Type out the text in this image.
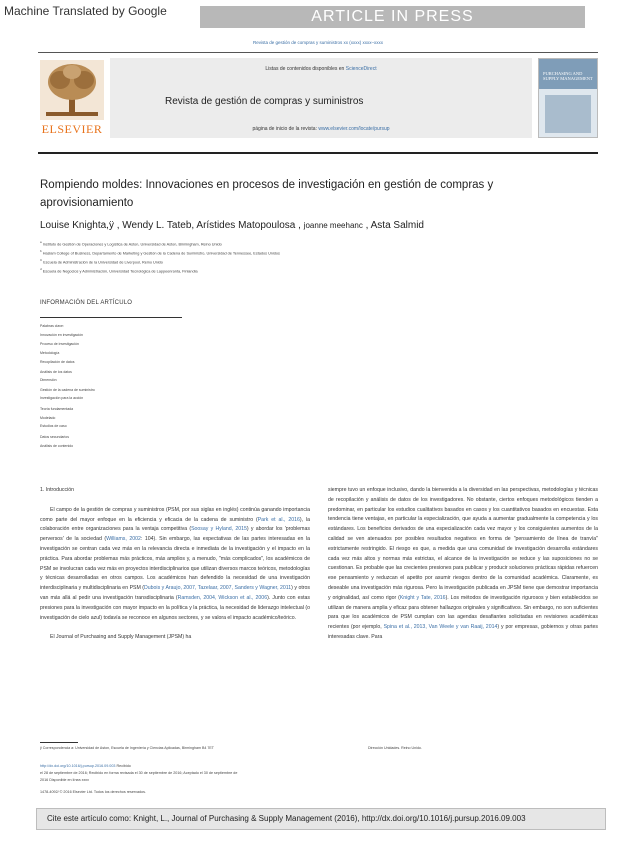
Machine Translated by Google	ARTICLE IN PRESS
Revista de gestión de compras y suministros xx (xxxx) xxxx–xxxx
ELSEVIER
Listas de contenidos disponibles en ScienceDirect
Revista de gestión de compras y suministros
página de inicio de la revista: www.elsevier.com/locate/pursup
PURCHASING AND SUPPLY MANAGEMENT
Rompiendo moldes: Innovaciones en procesos de investigación en gestión de compras y aprovisionamiento
Louise Knighta,ÿ , Wendy L. Tateb, Arístides Matopoulosa , joanne meehanc , Asta Salmid
$^a$ Instituto de Gestión de Operaciones y Logística de Aston, Universidad de Aston, Birmingham, Reino Unido
$^b$ Haslam College of Business, Departamento de Marketing y Gestión de la Cadena de Suministro, Universidad de Tennessee, Estados Unidos
$^C$ Escuela de Administración de la Universidad de Liverpool, Reino Unido
$^d$ Escuela de Negocios y Administración, Universidad Tecnológica de Lappeenranta, Finlandia
INFORMACIÓN DEL ARTÍCULO
Palabras clave:
Innovación en investigación
Proceso de investigación
Metodología
Recopilación de datos
Análisis de los datos
Dimensión
Gestión de la cadena de suministro
Investigación para la acción
Teoría fundamentada
Modelado
Estudios de caso
Datos secundarios
Análisis de contenido

1. Introducción

El campo de la gestión de compras y suministros (PSM, por sus siglas en inglés) continúa ganando importancia como parte del mayor enfoque en la eficiencia y eficacia de la cadena de suministro (Park et al., 2016), la colaboración entre organizaciones para la ventaja competitiva (Soosay y Hyland, 2015) y abordar los 'problemas perversos' de la sociedad (Williams, 2002: 104). Sin embargo, las expectativas de las partes interesadas en la investigación se centran cada vez más en la relevancia directa e inmediata de la investigación y el impacto en la práctica. Para abordar problemas más prácticos, más amplios y, a menudo, "más complicados", los académicos de PSM se involucran cada vez más en proyectos interdisciplinarios que utilizan diversos marcos teóricos, metodologías y técnicas desarrolladas en otros campos. Los académicos han defendido la necesidad de una investigación interdisciplinaria y multidisciplinaria en PSM (Dubois y Araujo, 2007, Tazelaar, 2007, Sanders y Wagner, 2011) y otros van más allá al pedir una investigación transdisciplinaria (Ramsden, 2004, Wickson et al., 2006). Junto con estas presiones para la investigación con mayor impacto en la política y la práctica, la necesidad de liderazgo intelectual (o investigación de cielo azul) todavía se reconoce en algunos sectores, y se valora el impacto académico/teórico.

El Journal of Purchasing and Supply Management (JPSM) ha

siempre tuvo un enfoque inclusivo, dando la bienvenida a la diversidad en las perspectivas, metodologías y técnicas de recopilación y análisis de datos de los investigadores. No obstante, ciertos enfoques metodológicos tienden a predominar, en particular los estudios cualitativos basados en casos y los cuantitativos basados en encuestas. Esta tendencia tiene ventajas, en particular la especialización, que ayuda a aumentar gradualmente la competencia y los estándares. Los beneficios derivados de una especialización cada vez mayor y los consiguientes aumentos de la calidad se ven atenuados por posibles resultados negativos en forma de "pensamiento de línea de tranvía" estrictamente restringido. El riesgo es que, a medida que una comunidad de investigación desarrolla estándares cada vez más altos y normas más estrictas, el alcance de la investigación se reduce y las suposiciones no se cuestionan. Es probable que las crecientes presiones para publicar y producir soluciones prácticas rápidas refuercen ese pensamiento y reduzcan el apetito por asumir riesgos dentro de la comunidad académica. Claramente, es deseable una investigación más rigurosa. Pero la investigación publicada en JPSM tiene que demostrar importancia y originalidad, así como rigor (Knight y Tate, 2016). Los métodos de investigación rigurosos y bien establecidos se utilizan de manera amplia y eficaz para obtener hallazgos originales y significativos. Sin embargo, no son suficientes para que los académicos de PSM cumplan con las agendas desafiantes solicitadas en revisiones académicas recientes (por ejemplo, Spina et al., 2013, Van Weele y van Raaij, 2014) y por empresas, gobiernos y otras partes interesadas clave. Para

ÿ Correspondencia a: Universidad de Aston, Escuela de Ingeniería y Ciencias Aplicadas, Birmingham B4 7ET	Dirección Unidades. Reino Unido.
http://dx.doi.org/10.1016/j.pursup.2016.09.003 Recibido
el 28 de septiembre de 2016; Recibido en forma revisada el 30 de septiembre de 2016; Aceptado el 30 de septiembre de
2016 Disponible en línea xxxx
1478-4092/ © 2016 Elsevier Ltd. Todos los derechos reservados.
Cite este artículo como: Knight, L., Journal of Purchasing & Supply Management (2016), http://dx.doi.org/10.1016/j.pursup.2016.09.003
